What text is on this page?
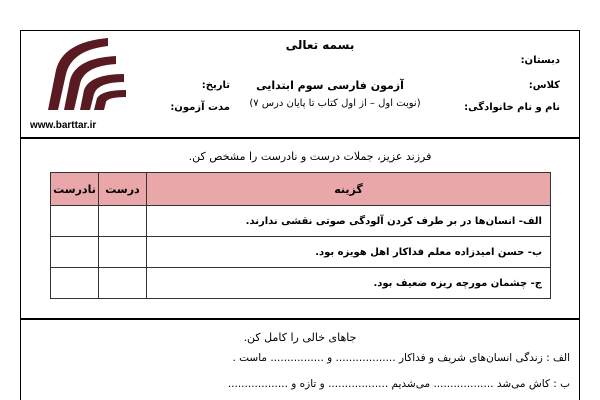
بسمه تعالی
آزمون فارسی سوم ابتدایی
(نوبت اول – از اول کتاب تا پایان درس ۷)
دبستان:
کلاس:
نام و نام خانوادگی:
تاریخ:
مدت آزمون:
www.barttar.ir
فرزند عزیز، جملات درست و نادرست را مشخص کن.
گزینه	درست	نادرست
الف- انسان‌ها در بر طرف کردن آلودگی صوتی نقشی ندارند.		
ب- حسن امیدزاده معلم فداکار اهل هویزه بود.		
ج- چشمان مورچه ریزه ضعیف بود.		
جاهای خالی را کامل کن.
الف : زندگی انسان‌های شریف و فداکار .................. و ................ ماست .
ب : کاش می‌شد .................. می‌شدیم .................. و تازه و ..................
